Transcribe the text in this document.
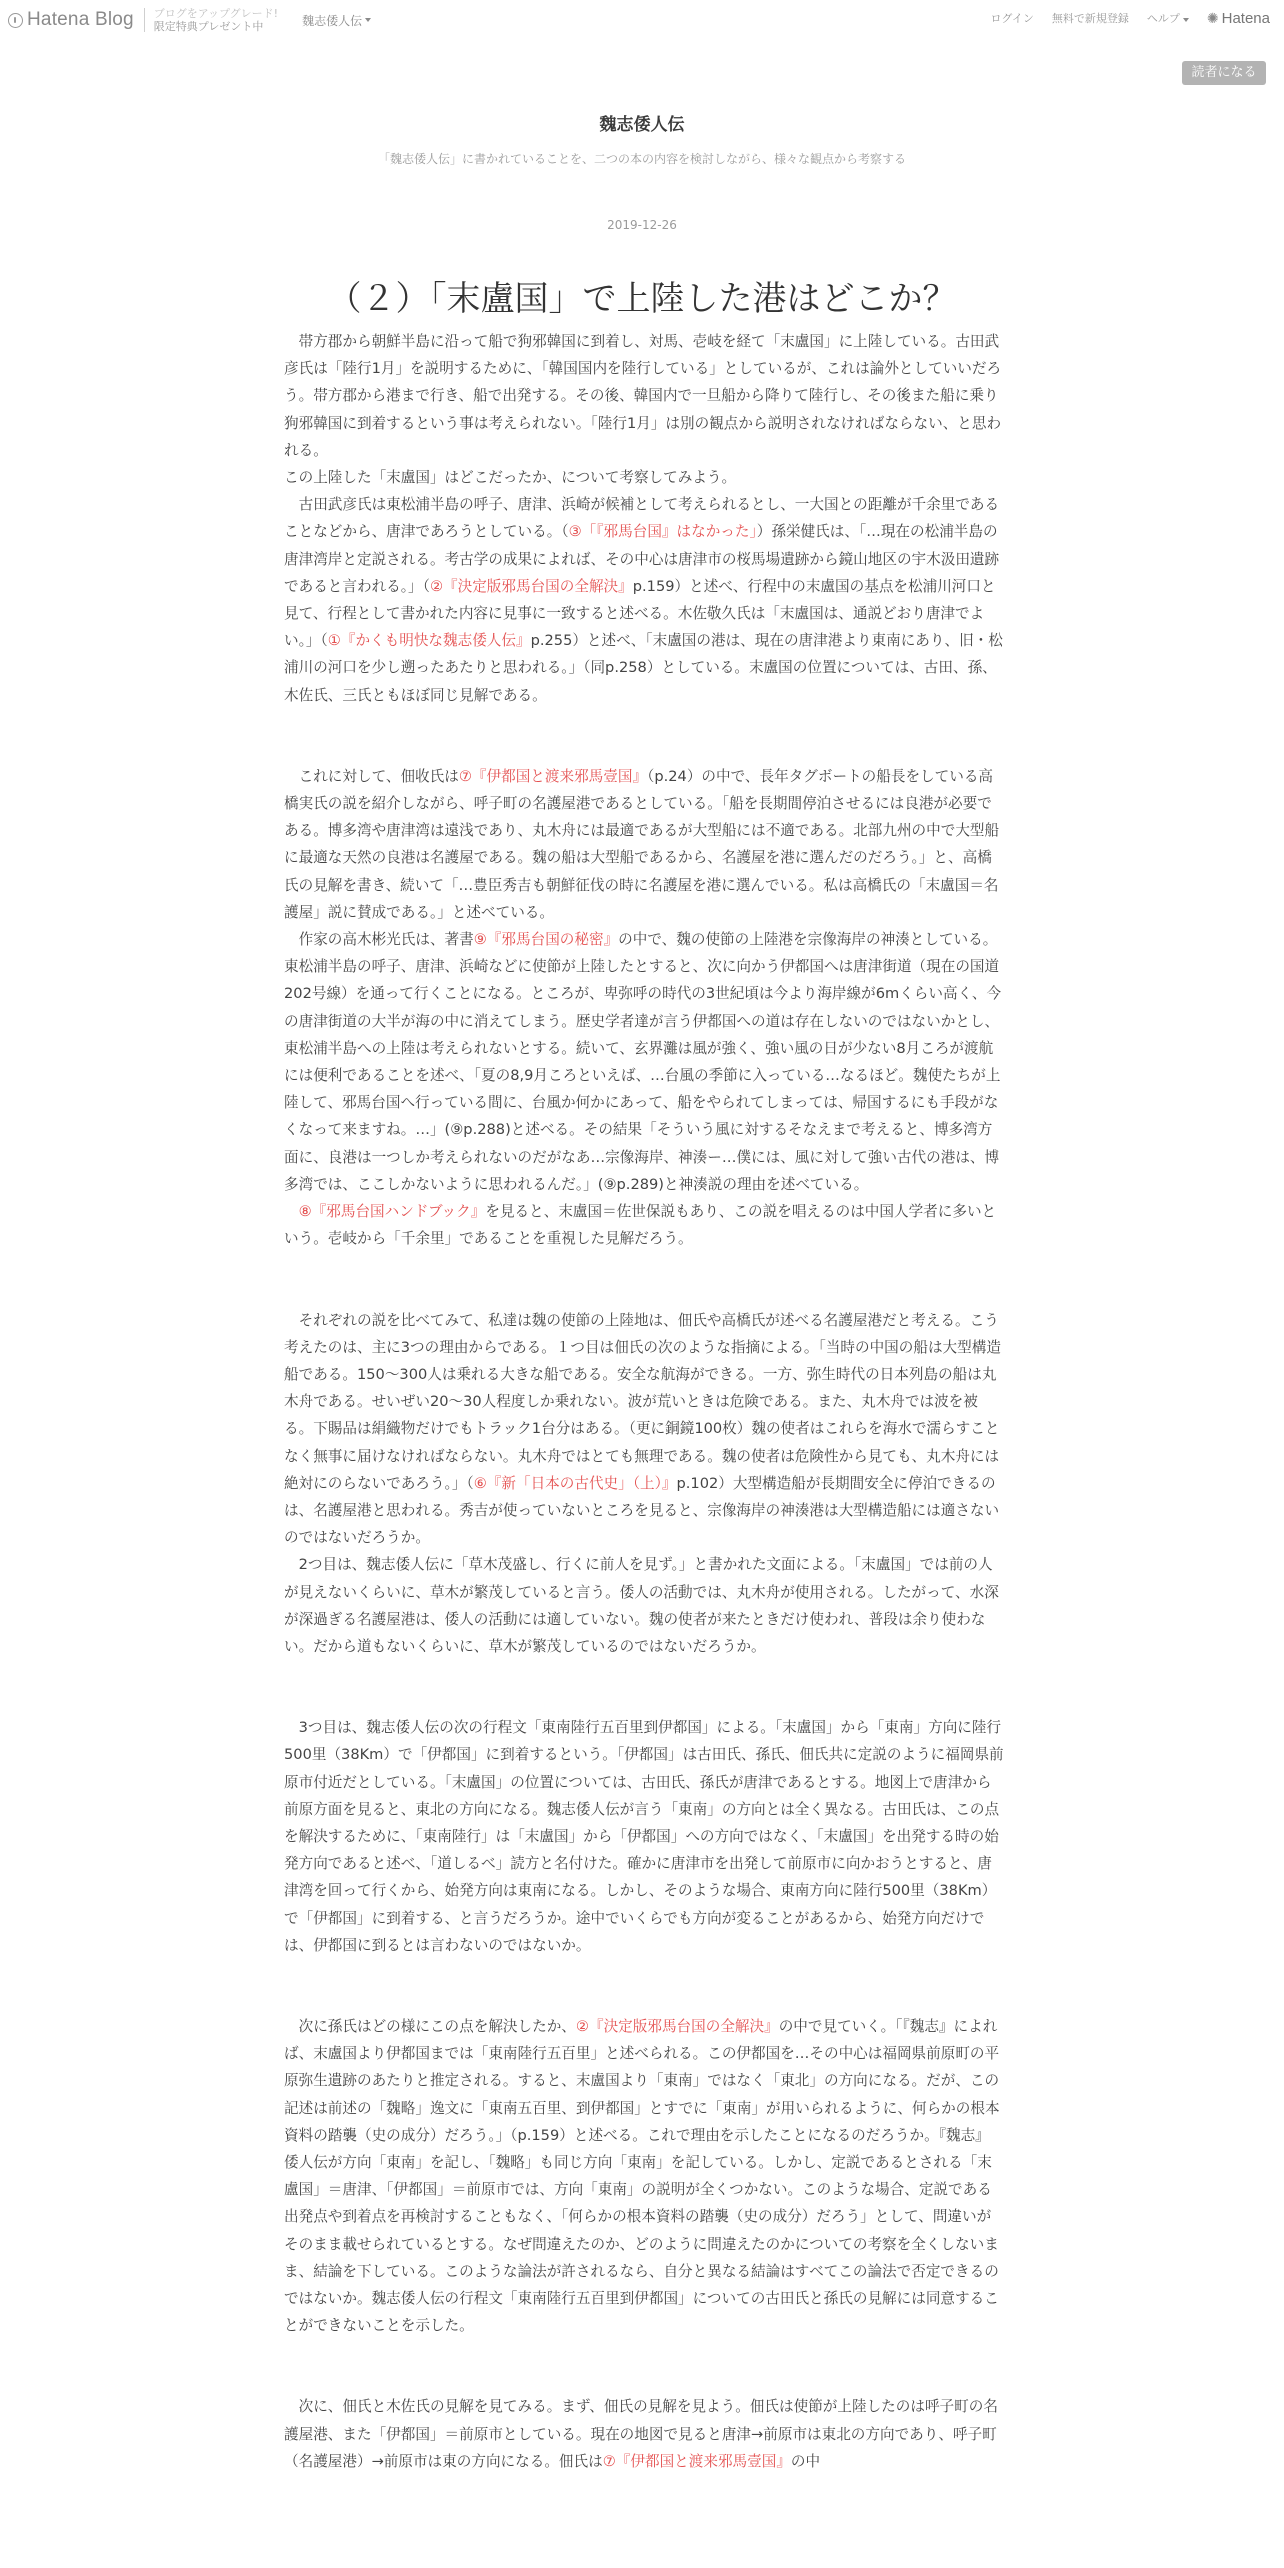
Hatena Blog ブログをアップグレード!
限定特典プレゼント中	魏志倭人伝	ログイン 無料で新規登録 ヘルプ	✺ Hatena
読者になる
魏志倭人伝
「魏志倭人伝」に書かれていることを、二つの本の内容を検討しながら、様々な観点から考察する
2019-12-26
（２）「末盧国」で上陸した港はどこか？

　帯方郡から朝鮮半島に沿って船で狗邪韓国に到着し、対馬、壱岐を経て「末盧国」に上陸している。古田武彦氏は「陸行1月」を説明するために、「韓国国内を陸行している」としているが、これは論外としていいだろう。帯方郡から港まで行き、船で出発する。その後、韓国内で一旦船から降りて陸行し、その後また船に乗り狗邪韓国に到着するという事は考えられない。「陸行1月」は別の観点から説明されなければならない、と思われる。

この上陸した「末盧国」はどこだったか、について考察してみよう。

　古田武彦氏は東松浦半島の呼子、唐津、浜崎が候補として考えられるとし、一大国との距離が千余里であることなどから、唐津であろうとしている。（③「『邪馬台国』はなかった」）孫栄健氏は、「…現在の松浦半島の唐津湾岸と定説される。考古学の成果によれば、その中心は唐津市の桜馬場遺跡から鏡山地区の宇木汲田遺跡であると言われる。」（②『決定版邪馬台国の全解決』p.159）と述べ、行程中の末盧国の基点を松浦川河口と見て、行程として書かれた内容に見事に一致すると述べる。木佐敬久氏は「末盧国は、通説どおり唐津でよい。」（①『かくも明快な魏志倭人伝』p.255）と述べ、「末盧国の港は、現在の唐津港より東南にあり、旧・松浦川の河口を少し遡ったあたりと思われる。」（同p.258）としている。末盧国の位置については、古田、孫、木佐氏、三氏ともほぼ同じ見解である。

　これに対して、佃收氏は⑦『伊都国と渡来邪馬壹国』（p.24）の中で、長年タグボートの船長をしている高橋実氏の説を紹介しながら、呼子町の名護屋港であるとしている。「船を長期間停泊させるには良港が必要である。博多湾や唐津湾は遠浅であり、丸木舟には最適であるが大型船には不適である。北部九州の中で大型船に最適な天然の良港は名護屋である。魏の船は大型船であるから、名護屋を港に選んだのだろう。」と、高橋氏の見解を書き、続いて「…豊臣秀吉も朝鮮征伐の時に名護屋を港に選んでいる。私は高橋氏の「末盧国＝名護屋」説に賛成である。」と述べている。

　作家の高木彬光氏は、著書⑨『邪馬台国の秘密』の中で、魏の使節の上陸港を宗像海岸の神湊としている。東松浦半島の呼子、唐津、浜崎などに使節が上陸したとすると、次に向かう伊都国へは唐津街道（現在の国道202号線）を通って行くことになる。ところが、卑弥呼の時代の3世紀頃は今より海岸線が6mくらい高く、今の唐津街道の大半が海の中に消えてしまう。歴史学者達が言う伊都国への道は存在しないのではないかとし、東松浦半島への上陸は考えられないとする。続いて、玄界灘は風が強く、強い風の日が少ない8月ころが渡航には便利であることを述べ、「夏の8,9月ころといえば、…台風の季節に入っている…なるほど。魏使たちが上陸して、邪馬台国へ行っている間に、台風か何かにあって、船をやられてしまっては、帰国するにも手段がなくなって来ますね。…」(⑨p.288)と述べる。その結果「そういう風に対するそなえまで考えると、博多湾方面に、良港は一つしか考えられないのだがなあ…宗像海岸、神湊ー…僕には、風に対して強い古代の港は、博多湾では、ここしかないように思われるんだ。」(⑨p.289)と神湊説の理由を述べている。

　⑧『邪馬台国ハンドブック』を見ると、末盧国＝佐世保説もあり、この説を唱えるのは中国人学者に多いという。壱岐から「千余里」であることを重視した見解だろう。

　それぞれの説を比べてみて、私達は魏の使節の上陸地は、佃氏や高橋氏が述べる名護屋港だと考える。こう考えたのは、主に3つの理由からである。１つ目は佃氏の次のような指摘による。「当時の中国の船は大型構造船である。150～300人は乗れる大きな船である。安全な航海ができる。一方、弥生時代の日本列島の船は丸木舟である。せいぜい20～30人程度しか乗れない。波が荒いときは危険である。また、丸木舟では波を被る。下賜品は絹織物だけでもトラック1台分はある。（更に銅鏡100枚）魏の使者はこれらを海水で濡らすことなく無事に届けなければならない。丸木舟ではとても無理である。魏の使者は危険性から見ても、丸木舟には絶対にのらないであろう。」（⑥『新「日本の古代史」（上）』p.102）大型構造船が長期間安全に停泊できるのは、名護屋港と思われる。秀吉が使っていないところを見ると、宗像海岸の神湊港は大型構造船には適さないのではないだろうか。

　2つ目は、魏志倭人伝に「草木茂盛し、行くに前人を見ず。」と書かれた文面による。「末盧国」では前の人が見えないくらいに、草木が繁茂していると言う。倭人の活動では、丸木舟が使用される。したがって、水深が深過ぎる名護屋港は、倭人の活動には適していない。魏の使者が来たときだけ使われ、普段は余り使わない。だから道もないくらいに、草木が繁茂しているのではないだろうか。

　3つ目は、魏志倭人伝の次の行程文「東南陸行五百里到伊都国」による。「末盧国」から「東南」方向に陸行500里（38Km）で「伊都国」に到着するという。「伊都国」は古田氏、孫氏、佃氏共に定説のように福岡県前原市付近だとしている。「末盧国」の位置については、古田氏、孫氏が唐津であるとする。地図上で唐津から前原方面を見ると、東北の方向になる。魏志倭人伝が言う「東南」の方向とは全く異なる。古田氏は、この点を解決するために、「東南陸行」は「末盧国」から「伊都国」への方向ではなく、「末盧国」を出発する時の始発方向であると述べ、「道しるべ」読方と名付けた。確かに唐津市を出発して前原市に向かおうとすると、唐津湾を回って行くから、始発方向は東南になる。しかし、そのような場合、東南方向に陸行500里（38Km）で「伊都国」に到着する、と言うだろうか。途中でいくらでも方向が変ることがあるから、始発方向だけでは、伊都国に到るとは言わないのではないか。

　次に孫氏はどの様にこの点を解決したか、②『決定版邪馬台国の全解決』の中で見ていく。「『魏志』によれば、末盧国より伊都国までは「東南陸行五百里」と述べられる。この伊都国を…その中心は福岡県前原町の平原弥生遺跡のあたりと推定される。すると、末盧国より「東南」ではなく「東北」の方向になる。だが、この記述は前述の「魏略」逸文に「東南五百里、到伊都国」とすでに「東南」が用いられるように、何らかの根本資料の踏襲（史の成分）だろう。」（p.159）と述べる。これで理由を示したことになるのだろうか。『魏志』倭人伝が方向「東南」を記し、「魏略」も同じ方向「東南」を記している。しかし、定説であるとされる「末盧国」＝唐津、「伊都国」＝前原市では、方向「東南」の説明が全くつかない。このような場合、定説である出発点や到着点を再検討することもなく、「何らかの根本資料の踏襲（史の成分）だろう」として、問違いがそのまま載せられているとする。なぜ問違えたのか、どのように問違えたのかについての考察を全くしないまま、結論を下している。このような論法が許されるなら、自分と異なる結論はすべてこの論法で否定できるのではないか。魏志倭人伝の行程文「東南陸行五百里到伊都国」についての古田氏と孫氏の見解には同意することができないことを示した。

　次に、佃氏と木佐氏の見解を見てみる。まず、佃氏の見解を見よう。佃氏は使節が上陸したのは呼子町の名護屋港、また「伊都国」＝前原市としている。現在の地図で見ると唐津→前原市は東北の方向であり、呼子町（名護屋港）→前原市は東の方向になる。佃氏は⑦『伊都国と渡来邪馬壹国』の中
